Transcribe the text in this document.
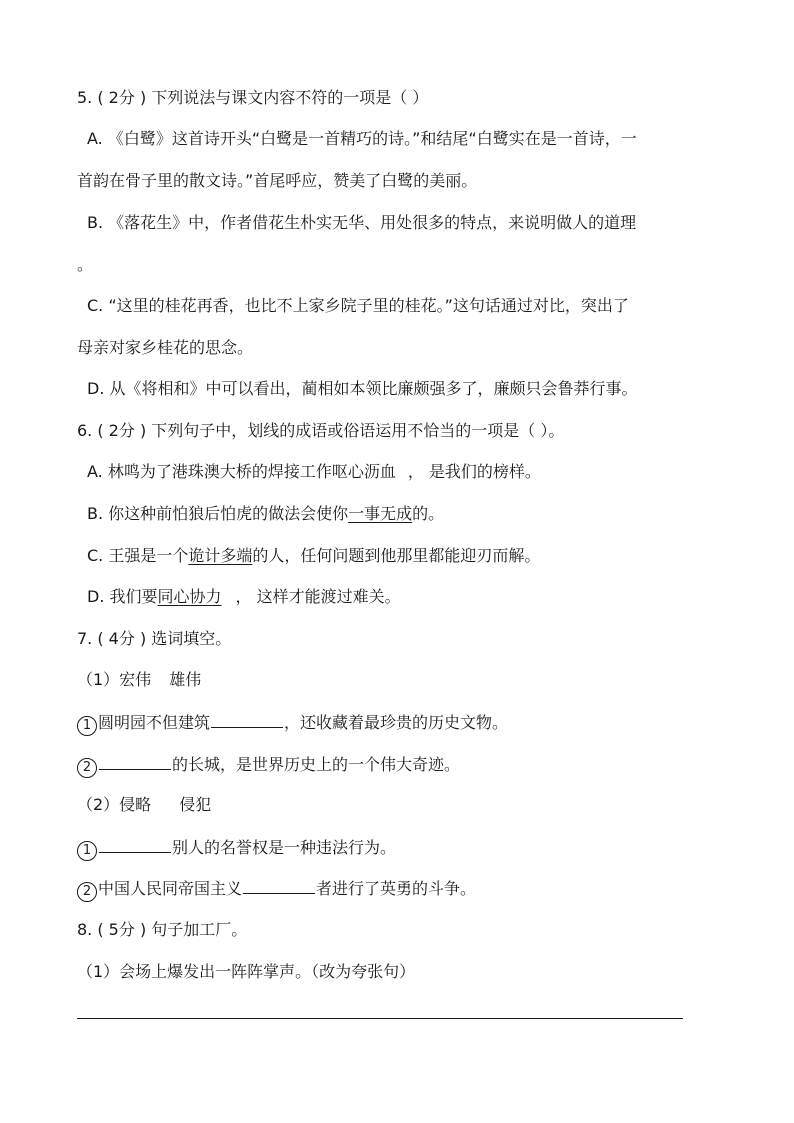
5. ( 2分 ) 下列说法与课文内容不符的一项是（ ）
A. 《白鹭》这首诗开头“白鹭是一首精巧的诗。”和结尾“白鹭实在是一首诗，一
首韵在骨子里的散文诗。”首尾呼应，赞美了白鹭的美丽。
B. 《落花生》中，作者借花生朴实无华、用处很多的特点，来说明做人的道理
。
C. “这里的桂花再香，也比不上家乡院子里的桂花。”这句话通过对比，突出了
母亲对家乡桂花的思念。
D. 从《将相和》中可以看出，蔺相如本领比廉颇强多了，廉颇只会鲁莽行事。
6. ( 2分 ) 下列句子中，划线的成语或俗语运用不恰当的一项是（ ）。
A. 林鸣为了港珠澳大桥的焊接工作呕心沥血 ， 是我们的榜样。
B. 你这种前怕狼后怕虎的做法会使你一事无成的。
C. 王强是一个诡计多端的人，任何问题到他那里都能迎刃而解。
D. 我们要同心协力 ， 这样才能渡过难关。
7. ( 4分 ) 选词填空。
（1）宏伟 雄伟
1 圆明园不但建筑	，还收藏着最珍贵的历史文物。
2	的长城，是世界历史上的一个伟大奇迹。
（2）侵略 侵犯
1	别人的名誉权是一种违法行为。
2 中国人民同帝国主义	者进行了英勇的斗争。
8. ( 5分 ) 句子加工厂。
（1）会场上爆发出一阵阵掌声。（改为夸张句）
